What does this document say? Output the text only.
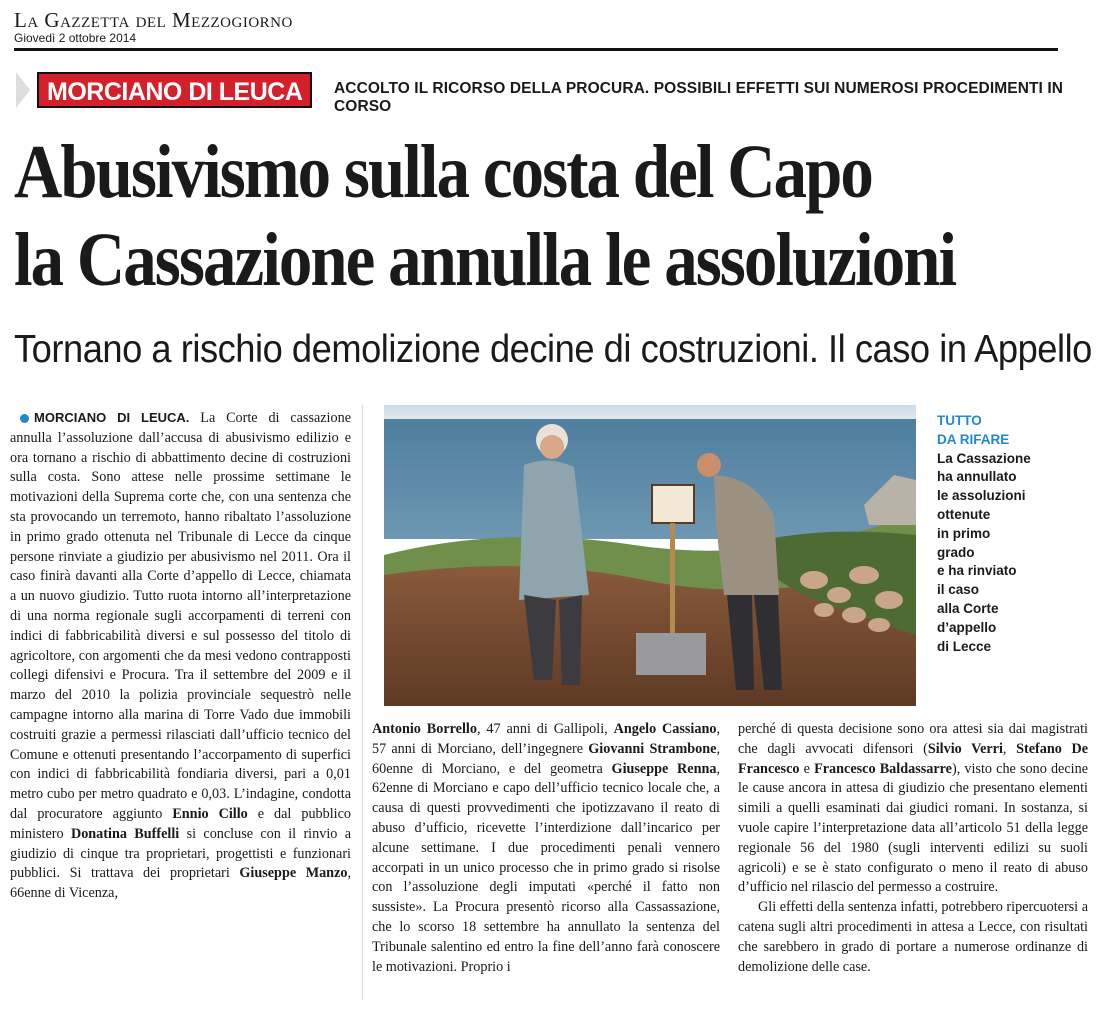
La Gazzetta del Mezzogiorno
Giovedì 2 ottobre 2014
MORCIANO DI LEUCA	ACCOLTO IL RICORSO DELLA PROCURA. POSSIBILI EFFETTI SUI NUMEROSI PROCEDIMENTI IN CORSO
Abusivismo sulla costa del Capo
la Cassazione annulla le assoluzioni
Tornano a rischio demolizione decine di costruzioni. Il caso in Appello

MORCIANO DI LEUCA. La Corte di cassazione annulla l’assoluzione dall’accusa di abusivismo edilizio e ora tornano a rischio di abbattimento decine di costruzioni sulla costa. Sono attese nelle prossime settimane le motivazioni della Suprema corte che, con una sentenza che sta provocando un terremoto, hanno ribaltato l’assoluzione in primo grado ottenuta nel Tribunale di Lecce da cinque persone rinviate a giudizio per abusivismo nel 2011. Ora il caso finirà davanti alla Corte d’appello di Lecce, chiamata a un nuovo giudizio. Tutto ruota intorno all’interpretazione di una norma regionale sugli accorpamenti di terreni con indici di fabbricabilità diversi e sul possesso del titolo di agricoltore, con argomenti che da mesi vedono contrapposti collegi difensivi e Procura. Tra il settembre del 2009 e il marzo del 2010 la polizia provinciale sequestrò nelle campagne intorno alla marina di Torre Vado due immobili costruiti grazie a permessi rilasciati dall’ufficio tecnico del Comune e ottenuti presentando l’accorpamento di superfici con indici di fabbricabilità fondiaria diversi, pari a 0,01 metro cubo per metro quadrato e 0,03. L’indagine, condotta dal procuratore aggiunto Ennio Cillo e dal pubblico ministero Donatina Buffelli si concluse con il rinvio a giudizio di cinque tra proprietari, progettisti e funzionari pubblici. Si trattava dei proprietari Giuseppe Manzo, 66enne di Vicenza,

TUTTO
DA RIFARE
La Cassazione
ha annullato
le assoluzioni
ottenute
in primo
grado
e ha rinviato
il caso
alla Corte
d’appello
di Lecce

Antonio Borrello, 47 anni di Gallipoli, Angelo Cassiano, 57 anni di Morciano, dell’ingegnere Giovanni Strambone, 60enne di Morciano, e del geometra Giuseppe Renna, 62enne di Morciano e capo dell’ufficio tecnico locale che, a causa di questi provvedimenti che ipotizzavano il reato di abuso d’ufficio, ricevette l’interdizione dall’incarico per alcune settimane. I due procedimenti penali vennero accorpati in un unico processo che in primo grado si risolse con l’assoluzione degli imputati «perché il fatto non sussiste». La Procura presentò ricorso alla Cassassazione, che lo scorso 18 settembre ha annullato la sentenza del Tribunale salentino ed entro la fine dell’anno farà conoscere le motivazioni. Proprio i

perché di questa decisione sono ora attesi sia dai magistrati che dagli avvocati difensori (Silvio Verri, Stefano De Francesco e Francesco Baldassarre), visto che sono decine le cause ancora in attesa di giudizio che presentano elementi simili a quelli esaminati dai giudici romani. In sostanza, si vuole capire l’interpretazione data all’articolo 51 della legge regionale 56 del 1980 (sugli interventi edilizi su suoli agricoli) e se è stato configurato o meno il reato di abuso d’ufficio nel rilascio del permesso a costruire.

Gli effetti della sentenza infatti, potrebbero ripercuotersi a catena sugli altri procedimenti in attesa a Lecce, con risultati che sarebbero in grado di portare a numerose ordinanze di demolizione delle case.
